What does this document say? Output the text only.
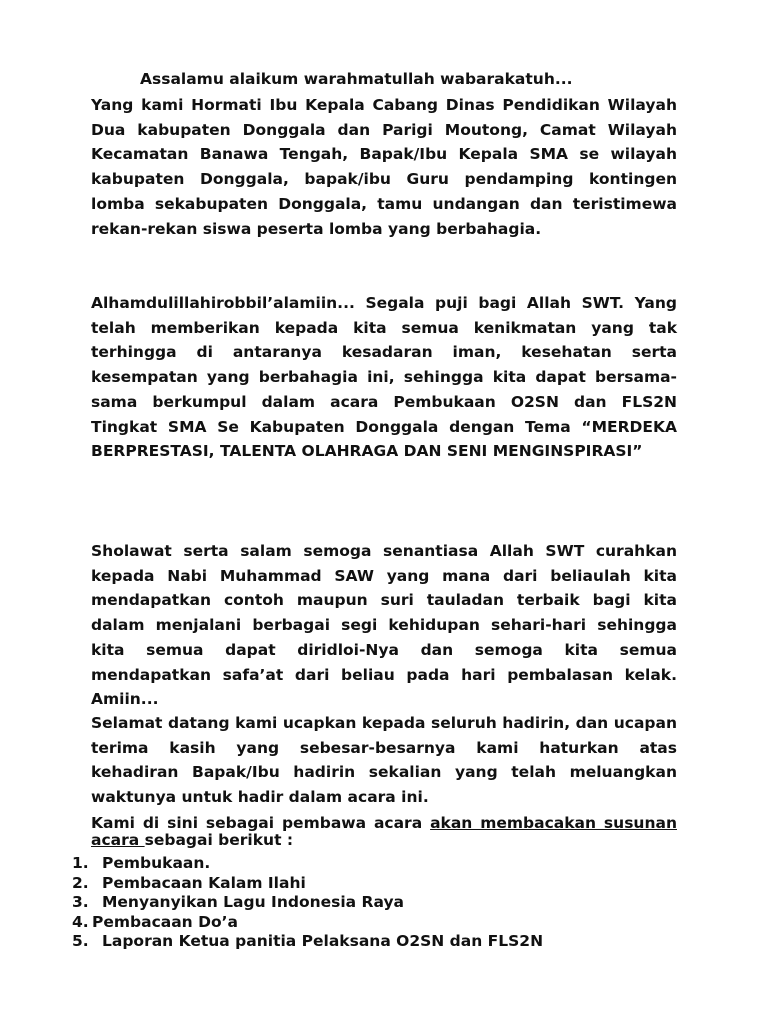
Assalamu alaikum warahmatullah wabarakatuh...

Yang kami Hormati Ibu Kepala Cabang Dinas Pendidikan Wilayah Dua kabupaten Donggala dan Parigi Moutong, Camat Wilayah Kecamatan Banawa Tengah, Bapak/Ibu Kepala SMA se wilayah kabupaten Donggala, bapak/ibu Guru pendamping kontingen lomba sekabupaten Donggala, tamu undangan dan teristimewa rekan-rekan siswa peserta lomba yang berbahagia.

Alhamdulillahirobbil’alamiin... Segala puji bagi Allah SWT. Yang telah memberikan kepada kita semua kenikmatan yang tak terhingga di antaranya kesadaran iman, kesehatan serta kesempatan yang berbahagia ini, sehingga kita dapat bersama-sama berkumpul dalam acara Pembukaan O2SN dan FLS2N Tingkat SMA Se Kabupaten Donggala dengan Tema “MERDEKA BERPRESTASI, TALENTA OLAHRAGA DAN SENI MENGINSPIRASI”

Sholawat serta salam semoga senantiasa Allah SWT curahkan kepada Nabi Muhammad SAW yang mana dari beliaulah kita mendapatkan contoh maupun suri tauladan terbaik bagi kita dalam menjalani berbagai segi kehidupan sehari-hari sehingga kita semua dapat diridloi-Nya dan semoga kita semua mendapatkan safa’at dari beliau pada hari pembalasan kelak. Amiin...

Selamat datang kami ucapkan kepada seluruh hadirin, dan ucapan terima kasih yang sebesar-besarnya kami haturkan atas kehadiran Bapak/Ibu hadirin sekalian yang telah meluangkan waktunya untuk hadir dalam acara ini.

Kami di sini sebagai pembawa acara akan membacakan susunan acara sebagai berikut :

1. Pembukaan.
2. Pembacaan Kalam Ilahi
3. Menyanyikan Lagu Indonesia Raya
4. Pembacaan Do’a
5. Laporan Ketua panitia Pelaksana O2SN dan FLS2N
